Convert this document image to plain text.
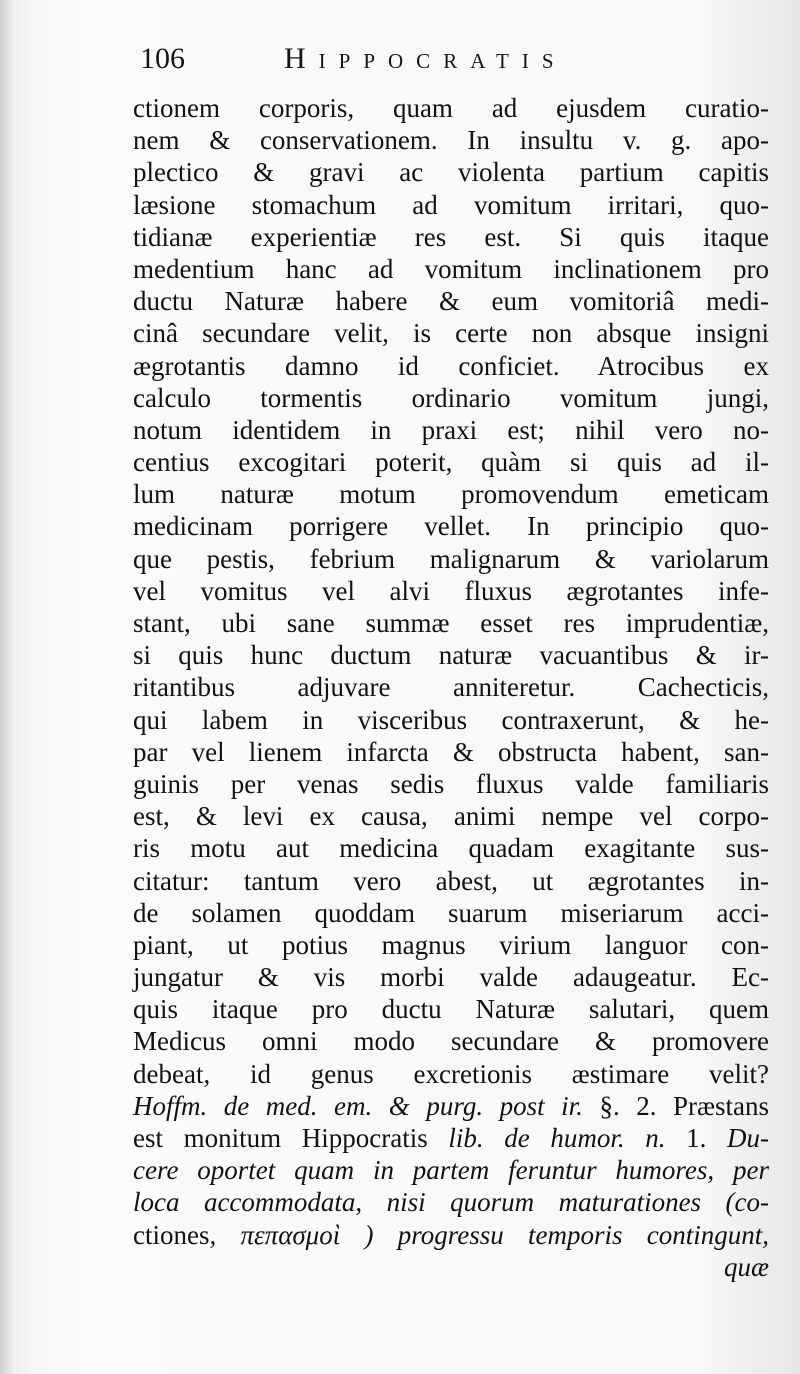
106	Hippocratis
ctionem corporis, quam ad ejusdem curatio-
nem & conservationem. In insultu v. g. apo-
plectico & gravi ac violenta partium capitis
læsione stomachum ad vomitum irritari, quo-
tidianæ experientiæ res est. Si quis itaque
medentium hanc ad vomitum inclinationem pro
ductu Naturæ habere & eum vomitoriâ medi-
cinâ secundare velit, is certe non absque insigni
ægrotantis damno id conficiet. Atrocibus ex
calculo tormentis ordinario vomitum jungi,
notum identidem in praxi est; nihil vero no-
centius excogitari poterit, quàm si quis ad il-
lum naturæ motum promovendum emeticam
medicinam porrigere vellet. In principio quo-
que pestis, febrium malignarum & variolarum
vel vomitus vel alvi fluxus ægrotantes infe-
stant, ubi sane summæ esset res imprudentiæ,
si quis hunc ductum naturæ vacuantibus & ir-
ritantibus adjuvare anniteretur. Cachecticis,
qui labem in visceribus contraxerunt, & he-
par vel lienem infarcta & obstructa habent, san-
guinis per venas sedis fluxus valde familiaris
est, & levi ex causa, animi nempe vel corpo-
ris motu aut medicina quadam exagitante sus-
citatur: tantum vero abest, ut ægrotantes in-
de solamen quoddam suarum miseriarum acci-
piant, ut potius magnus virium languor con-
jungatur & vis morbi valde adaugeatur. Ec-
quis itaque pro ductu Naturæ salutari, quem
Medicus omni modo secundare & promovere
debeat, id genus excretionis æstimare velit?
Hoffm. de med. em. & purg. post ir. §. 2. Præstans
est monitum Hippocratis lib. de humor. n. 1. Du-
cere oportet quam in partem feruntur humores, per
loca accommodata, nisi quorum maturationes (co-
ctiones, πεπασμοὶ ) progressu temporis contingunt,
quæ
